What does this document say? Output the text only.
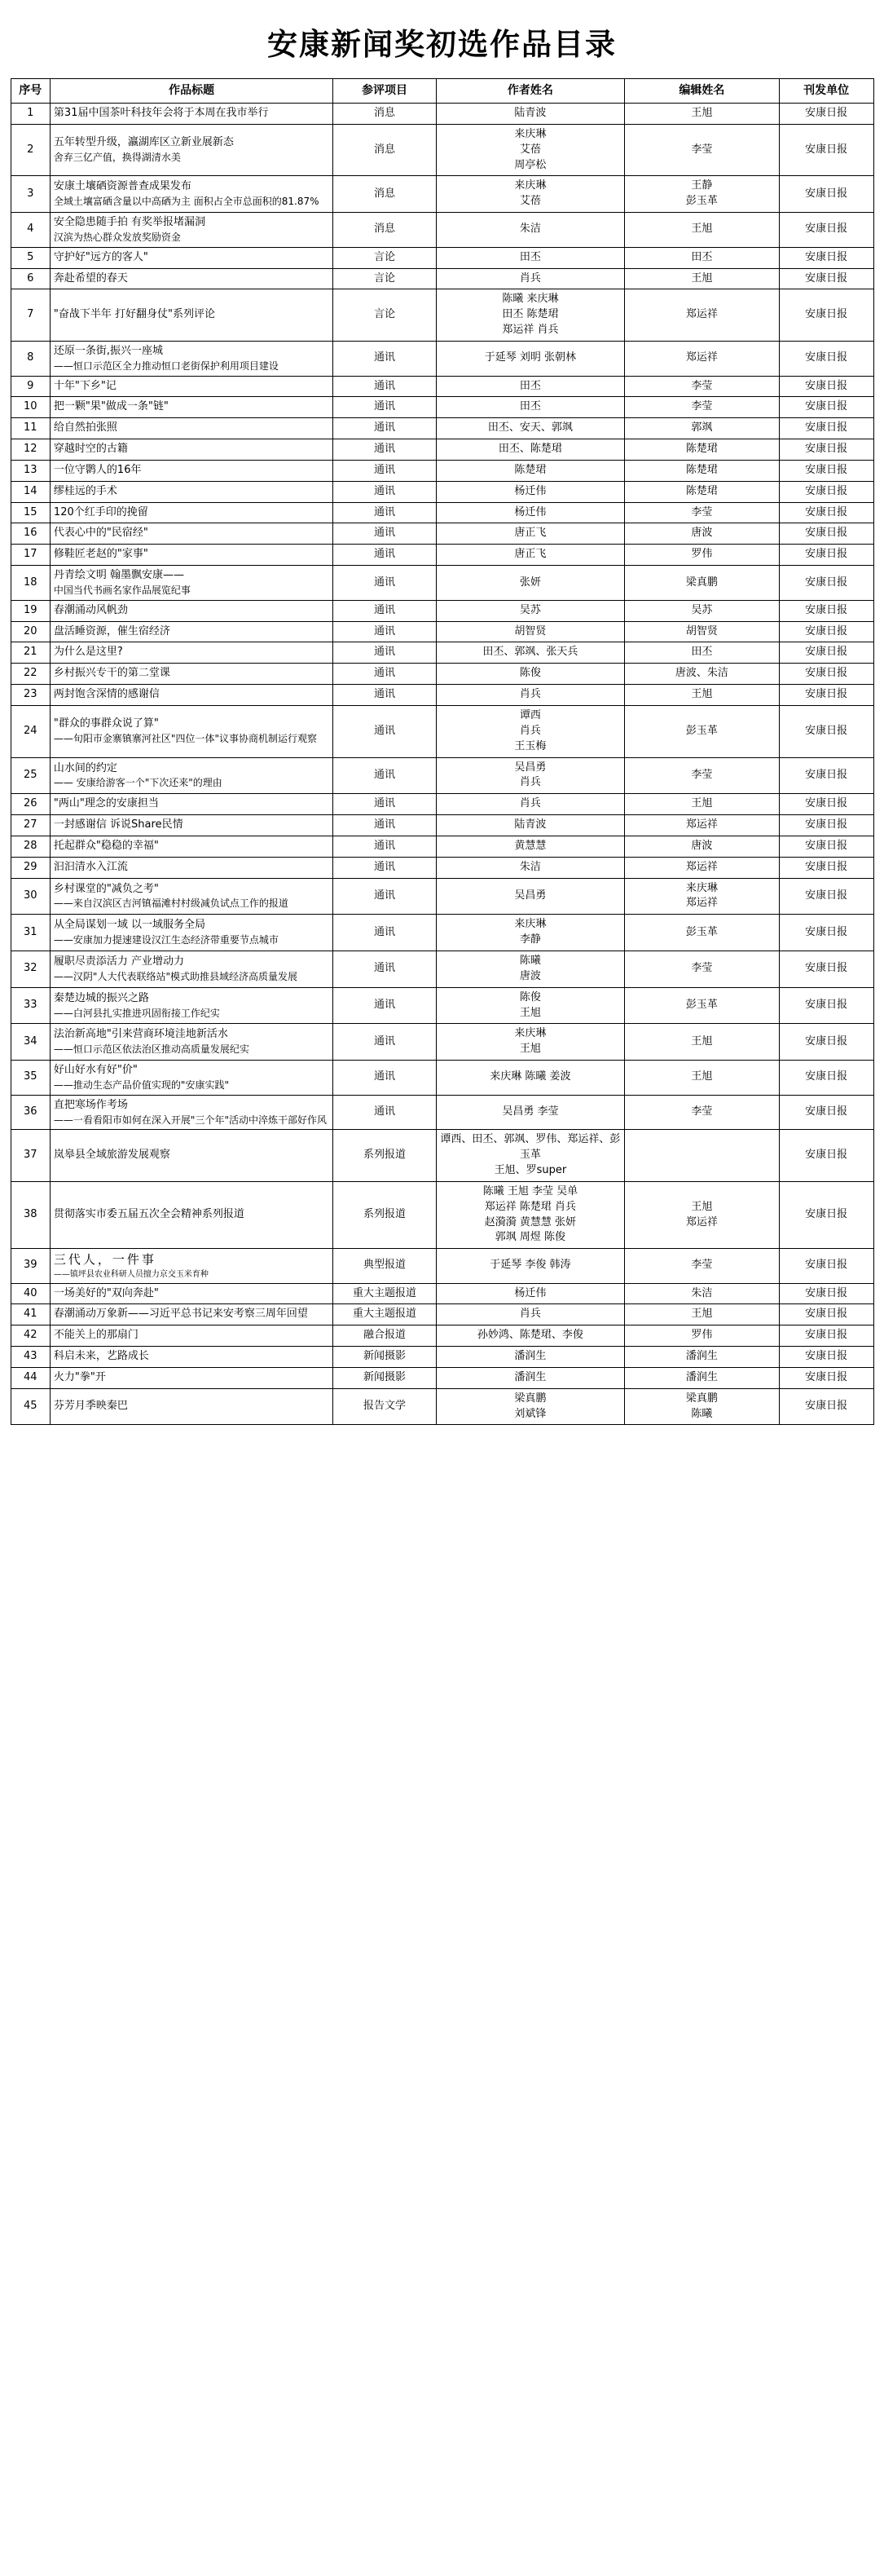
安康新闻奖初选作品目录
序号	作品标题	参评项目	作者姓名	编辑姓名	刊发单位
1	第31届中国茶叶科技年会将于本周在我市举行	消息	陆青波	王旭	安康日报
2	五年转型升级，瀛湖库区立新业展新态
舍弃三亿产值，换得湖清水美	消息	来庆琳
艾蓓
周亭松	李莹	安康日报
3	安康土壤硒资源普查成果发布
全域土壤富硒含量以中高硒为主 面积占全市总面积的81.87%	消息	来庆琳
艾蓓	王静
彭玉革	安康日报
4	安全隐患随手拍 有奖举报堵漏洞
汉滨为热心群众发放奖励资金	消息	朱洁	王旭	安康日报
5	守护好"远方的客人"	言论	田丕	田丕	安康日报
6	奔赴希望的春天	言论	肖兵	王旭	安康日报
7	"奋战下半年 打好翻身仗"系列评论	言论	陈曦 来庆琳
田丕 陈楚珺
郑运祥 肖兵	郑运祥	安康日报
8	还原一条街,振兴一座城
——恒口示范区全力推动恒口老街保护利用项目建设	通讯	于延琴 刘明 张朝林	郑运祥	安康日报
9	十年"下乡"记	通讯	田丕	李莹	安康日报
10	把一颗"果"做成一条"链"	通讯	田丕	李莹	安康日报
11	给自然拍张照	通讯	田丕、安天、郭飒	郭飒	安康日报
12	穿越时空的古籍	通讯	田丕、陈楚珺	陈楚珺	安康日报
13	一位守鹮人的16年	通讯	陈楚珺	陈楚珺	安康日报
14	缪桂远的手术	通讯	杨迁伟	陈楚珺	安康日报
15	120个红手印的挽留	通讯	杨迁伟	李莹	安康日报
16	代表心中的"民宿经"	通讯	唐正飞	唐波	安康日报
17	修鞋匠老赵的"家事"	通讯	唐正飞	罗伟	安康日报
18	丹青绘文明 翰墨飘安康——
中国当代书画名家作品展览纪事	通讯	张妍	梁真鹏	安康日报
19	春潮涌动风帆劲	通讯	吴苏	吴苏	安康日报
20	盘活睡资源，催生宿经济	通讯	胡智贤	胡智贤	安康日报
21	为什么是这里?	通讯	田丕、郭飒、张天兵	田丕	安康日报
22	乡村振兴专干的第二堂课	通讯	陈俊	唐波、朱洁	安康日报
23	两封饱含深情的感谢信	通讯	肖兵	王旭	安康日报
24	"群众的事群众说了算"
——旬阳市金寨镇寨河社区"四位一体"议事协商机制运行观察	通讯	谭西
肖兵
王玉梅	彭玉革	安康日报
25	山水间的约定
—— 安康给游客一个"下次还来"的理由	通讯	吴昌勇
肖兵	李莹	安康日报
26	"两山"理念的安康担当	通讯	肖兵	王旭	安康日报
27	一封感谢信 诉说Share民情	通讯	陆青波	郑运祥	安康日报
28	托起群众"稳稳的幸福"	通讯	黄慧慧	唐波	安康日报
29	汩汩清水入江流	通讯	朱洁	郑运祥	安康日报
30	乡村课堂的"减负之考"
——来自汉滨区吉河镇福滩村村级减负试点工作的报道	通讯	吴昌勇	来庆琳
郑运祥	安康日报
31	从全局谋划一域 以一域服务全局
——安康加力提速建设汉江生态经济带重要节点城市	通讯	来庆琳
李静	彭玉革	安康日报
32	履职尽责添活力 产业增动力
——汉阴"人大代表联络站"模式助推县域经济高质量发展	通讯	陈曦
唐波	李莹	安康日报
33	秦楚边城的振兴之路
——白河县扎实推进巩固衔接工作纪实	通讯	陈俊
王旭	彭玉革	安康日报
34	法治新高地"引来营商环境洼地新活水
——恒口示范区依法治区推动高质量发展纪实	通讯	来庆琳
王旭	王旭	安康日报
35	好山好水有好"价"
——推动生态产品价值实现的"安康实践"	通讯	来庆琳 陈曦 姜波	王旭	安康日报
36	直把寒场作考场
——一看看阳市如何在深入开展"三个年"活动中淬炼干部好作风	通讯	吴昌勇 李莹	李莹	安康日报
37	岚皋县全域旅游发展观察	系列报道	谭西、田丕、郭飒、罗伟、郑运祥、彭玉革
王旭、罗super		安康日报
38	贯彻落实市委五届五次全会精神系列报道	系列报道	陈曦 王旭 李莹 吴单
郑运祥 陈楚珺 肖兵
赵漪漪 黄慧慧 张妍
郭飒 周煜 陈俊	王旭
郑运祥	安康日报
39	三代人，一件事
——镇坪县农业科研人员擅力京交玉米育种	典型报道	于延琴 李俊 韩涛	李莹	安康日报
40	一场美好的"双向奔赴"	重大主题报道	杨迁伟	朱洁	安康日报
41	春潮涌动万象新——习近平总书记来安考察三周年回望	重大主题报道	肖兵	王旭	安康日报
42	不能关上的那扇门	融合报道	孙妙鸿、陈楚珺、李俊	罗伟	安康日报
43	科启未来，艺路成长	新闻摄影	潘润生	潘润生	安康日报
44	火力"拳"开	新闻摄影	潘润生	潘润生	安康日报
45	芬芳月季映秦巴	报告文学	梁真鹏
刘斌锋	梁真鹏
陈曦	安康日报
